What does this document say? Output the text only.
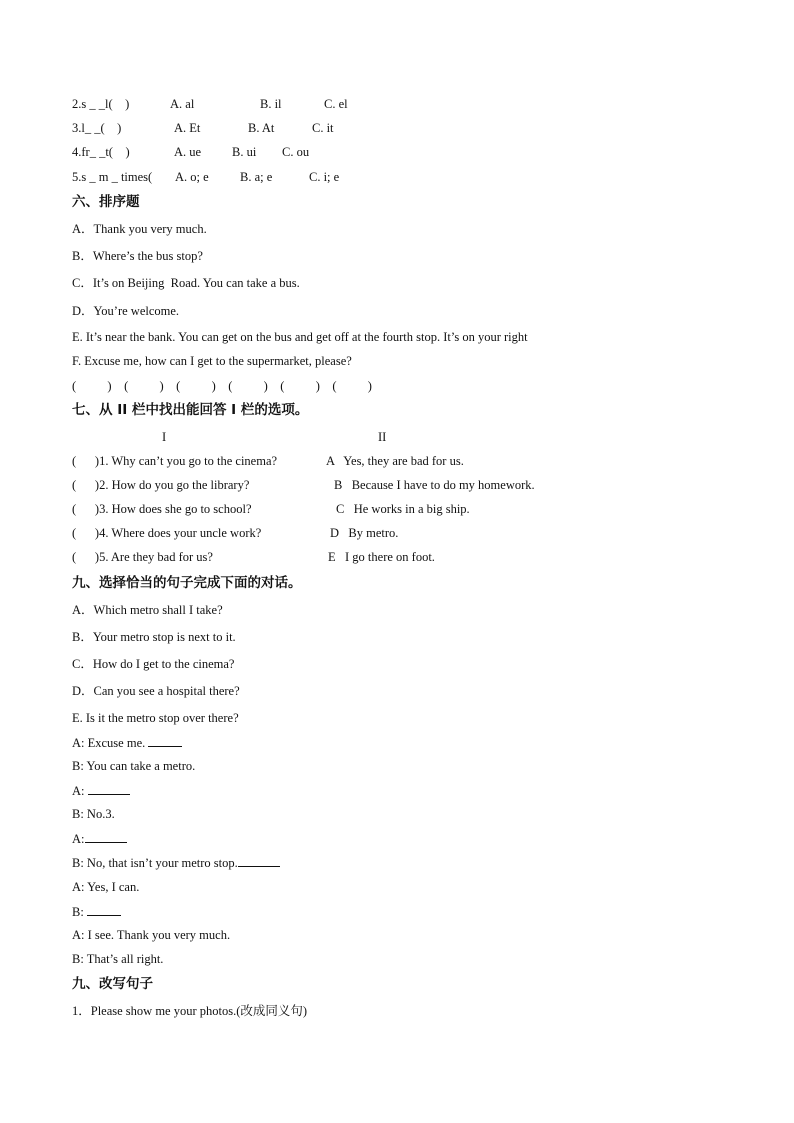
2.s _ _l(    )	A. al	B. il	C. el
3.l_ _(    )	A. Et	B. At	C. it
4.fr_ _t(    )	A. ue B. ui C. ou
5.s _ m _ times( A. o; e	B. a; e	C. i; e
六、排序题
A．Thank you very much.
B．Where’s the bus stop?
C．It’s on Beijing  Road. You can take a bus.
D．You’re welcome.
E. It’s near the bank. You can get on the bus and get off at the fourth stop. It’s on your right
F. Excuse me, how can I get to the supermarket, please?
(          )    (          )    (          )    (          )    (          )    (          )
七、从 II 栏中找出能回答 I 栏的选项。
I	II
(      )1. Why can’t you go to the cinema?	A   Yes, they are bad for us.
(      )2. How do you go the library?	B   Because I have to do my homework.
(      )3. How does she go to school?	C   He works in a big ship.
(      )4. Where does your uncle work?	D   By metro.
(      )5. Are they bad for us?	E   I go there on foot.
九、选择恰当的句子完成下面的对话。
A．Which metro shall I take?
B．Your metro stop is next to it.
C．How do I get to the cinema?
D．Can you see a hospital there?
E. Is it the metro stop over there?
A: Excuse me.
B: You can take a metro.
A:
B: No.3.
A:
B: No, that isn’t your metro stop.
A: Yes, I can.
B:
A: I see. Thank you very much.
B: That’s all right.
九、改写句子
1．Please show me your photos.(改成同义句)
